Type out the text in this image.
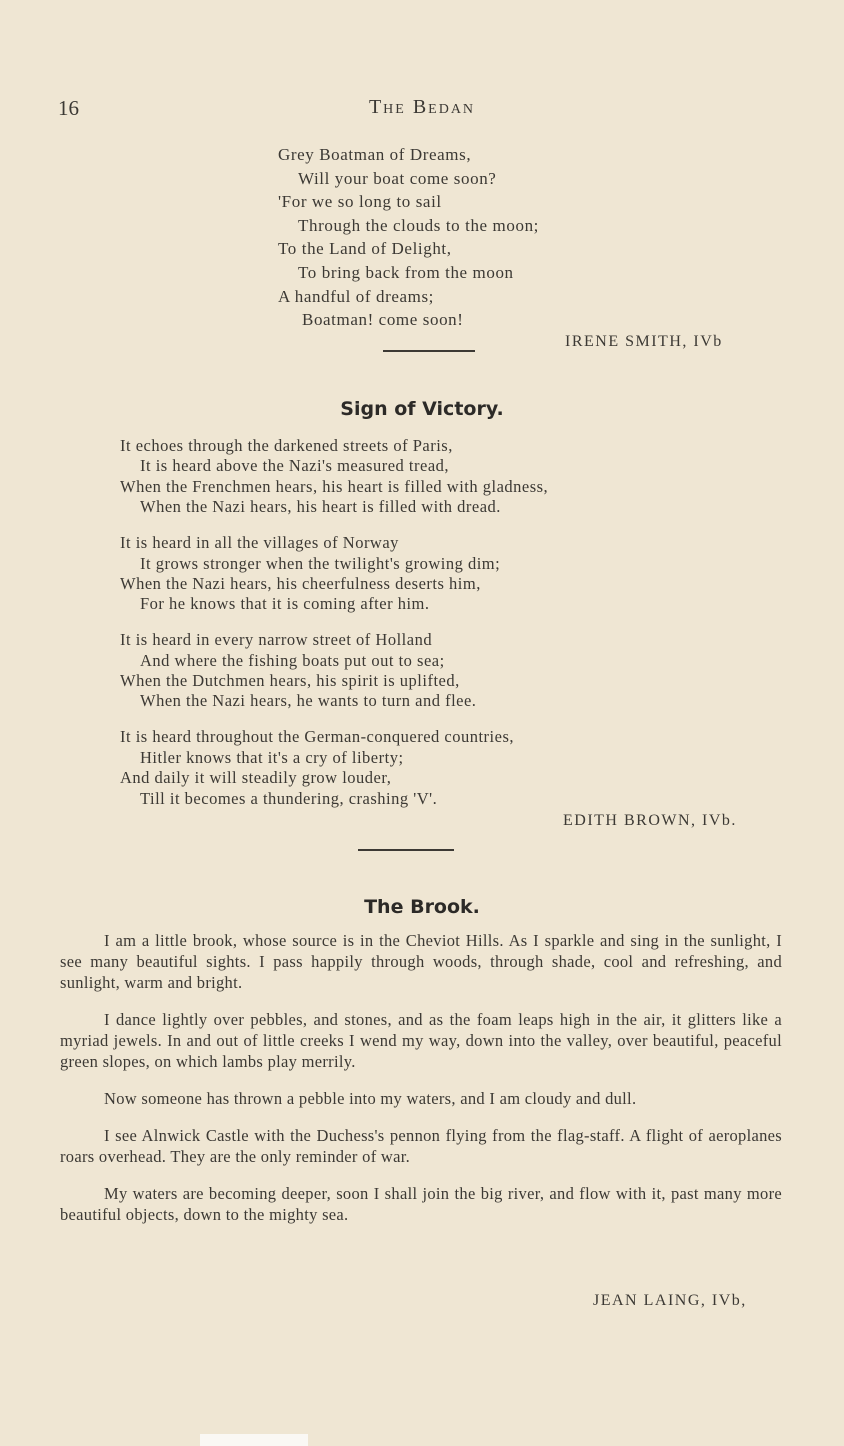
16	The Bedan
Grey Boatman of Dreams,
Will your boat come soon?
'For we so long to sail
Through the clouds to the moon;
To the Land of Delight,
To bring back from the moon
A handful of dreams;
Boatman! come soon!
IRENE SMITH, IVb
Sign of Victory.
It echoes through the darkened streets of Paris,
It is heard above the Nazi's measured tread,
When the Frenchmen hears, his heart is filled with gladness,
When the Nazi hears, his heart is filled with dread.
It is heard in all the villages of Norway
It grows stronger when the twilight's growing dim;
When the Nazi hears, his cheerfulness deserts him,
For he knows that it is coming after him.
It is heard in every narrow street of Holland
And where the fishing boats put out to sea;
When the Dutchmen hears, his spirit is uplifted,
When the Nazi hears, he wants to turn and flee.
It is heard throughout the German-conquered countries,
Hitler knows that it's a cry of liberty;
And daily it will steadily grow louder,
Till it becomes a thundering, crashing 'V'.
EDITH BROWN, IVb.
The Brook.

I am a little brook, whose source is in the Cheviot Hills. As I sparkle and sing in the sunlight, I see many beautiful sights. I pass happily through woods, through shade, cool and refreshing, and sunlight, warm and bright.

I dance lightly over pebbles, and stones, and as the foam leaps high in the air, it glitters like a myriad jewels. In and out of little creeks I wend my way, down into the valley, over beautiful, peaceful green slopes, on which lambs play merrily.

Now someone has thrown a pebble into my waters, and I am cloudy and dull.

I see Alnwick Castle with the Duchess's pennon flying from the flag-staff. A flight of aeroplanes roars overhead. They are the only reminder of war.

My waters are becoming deeper, soon I shall join the big river, and flow with it, past many more beautiful objects, down to the mighty sea.

JEAN LAING, IVb,
